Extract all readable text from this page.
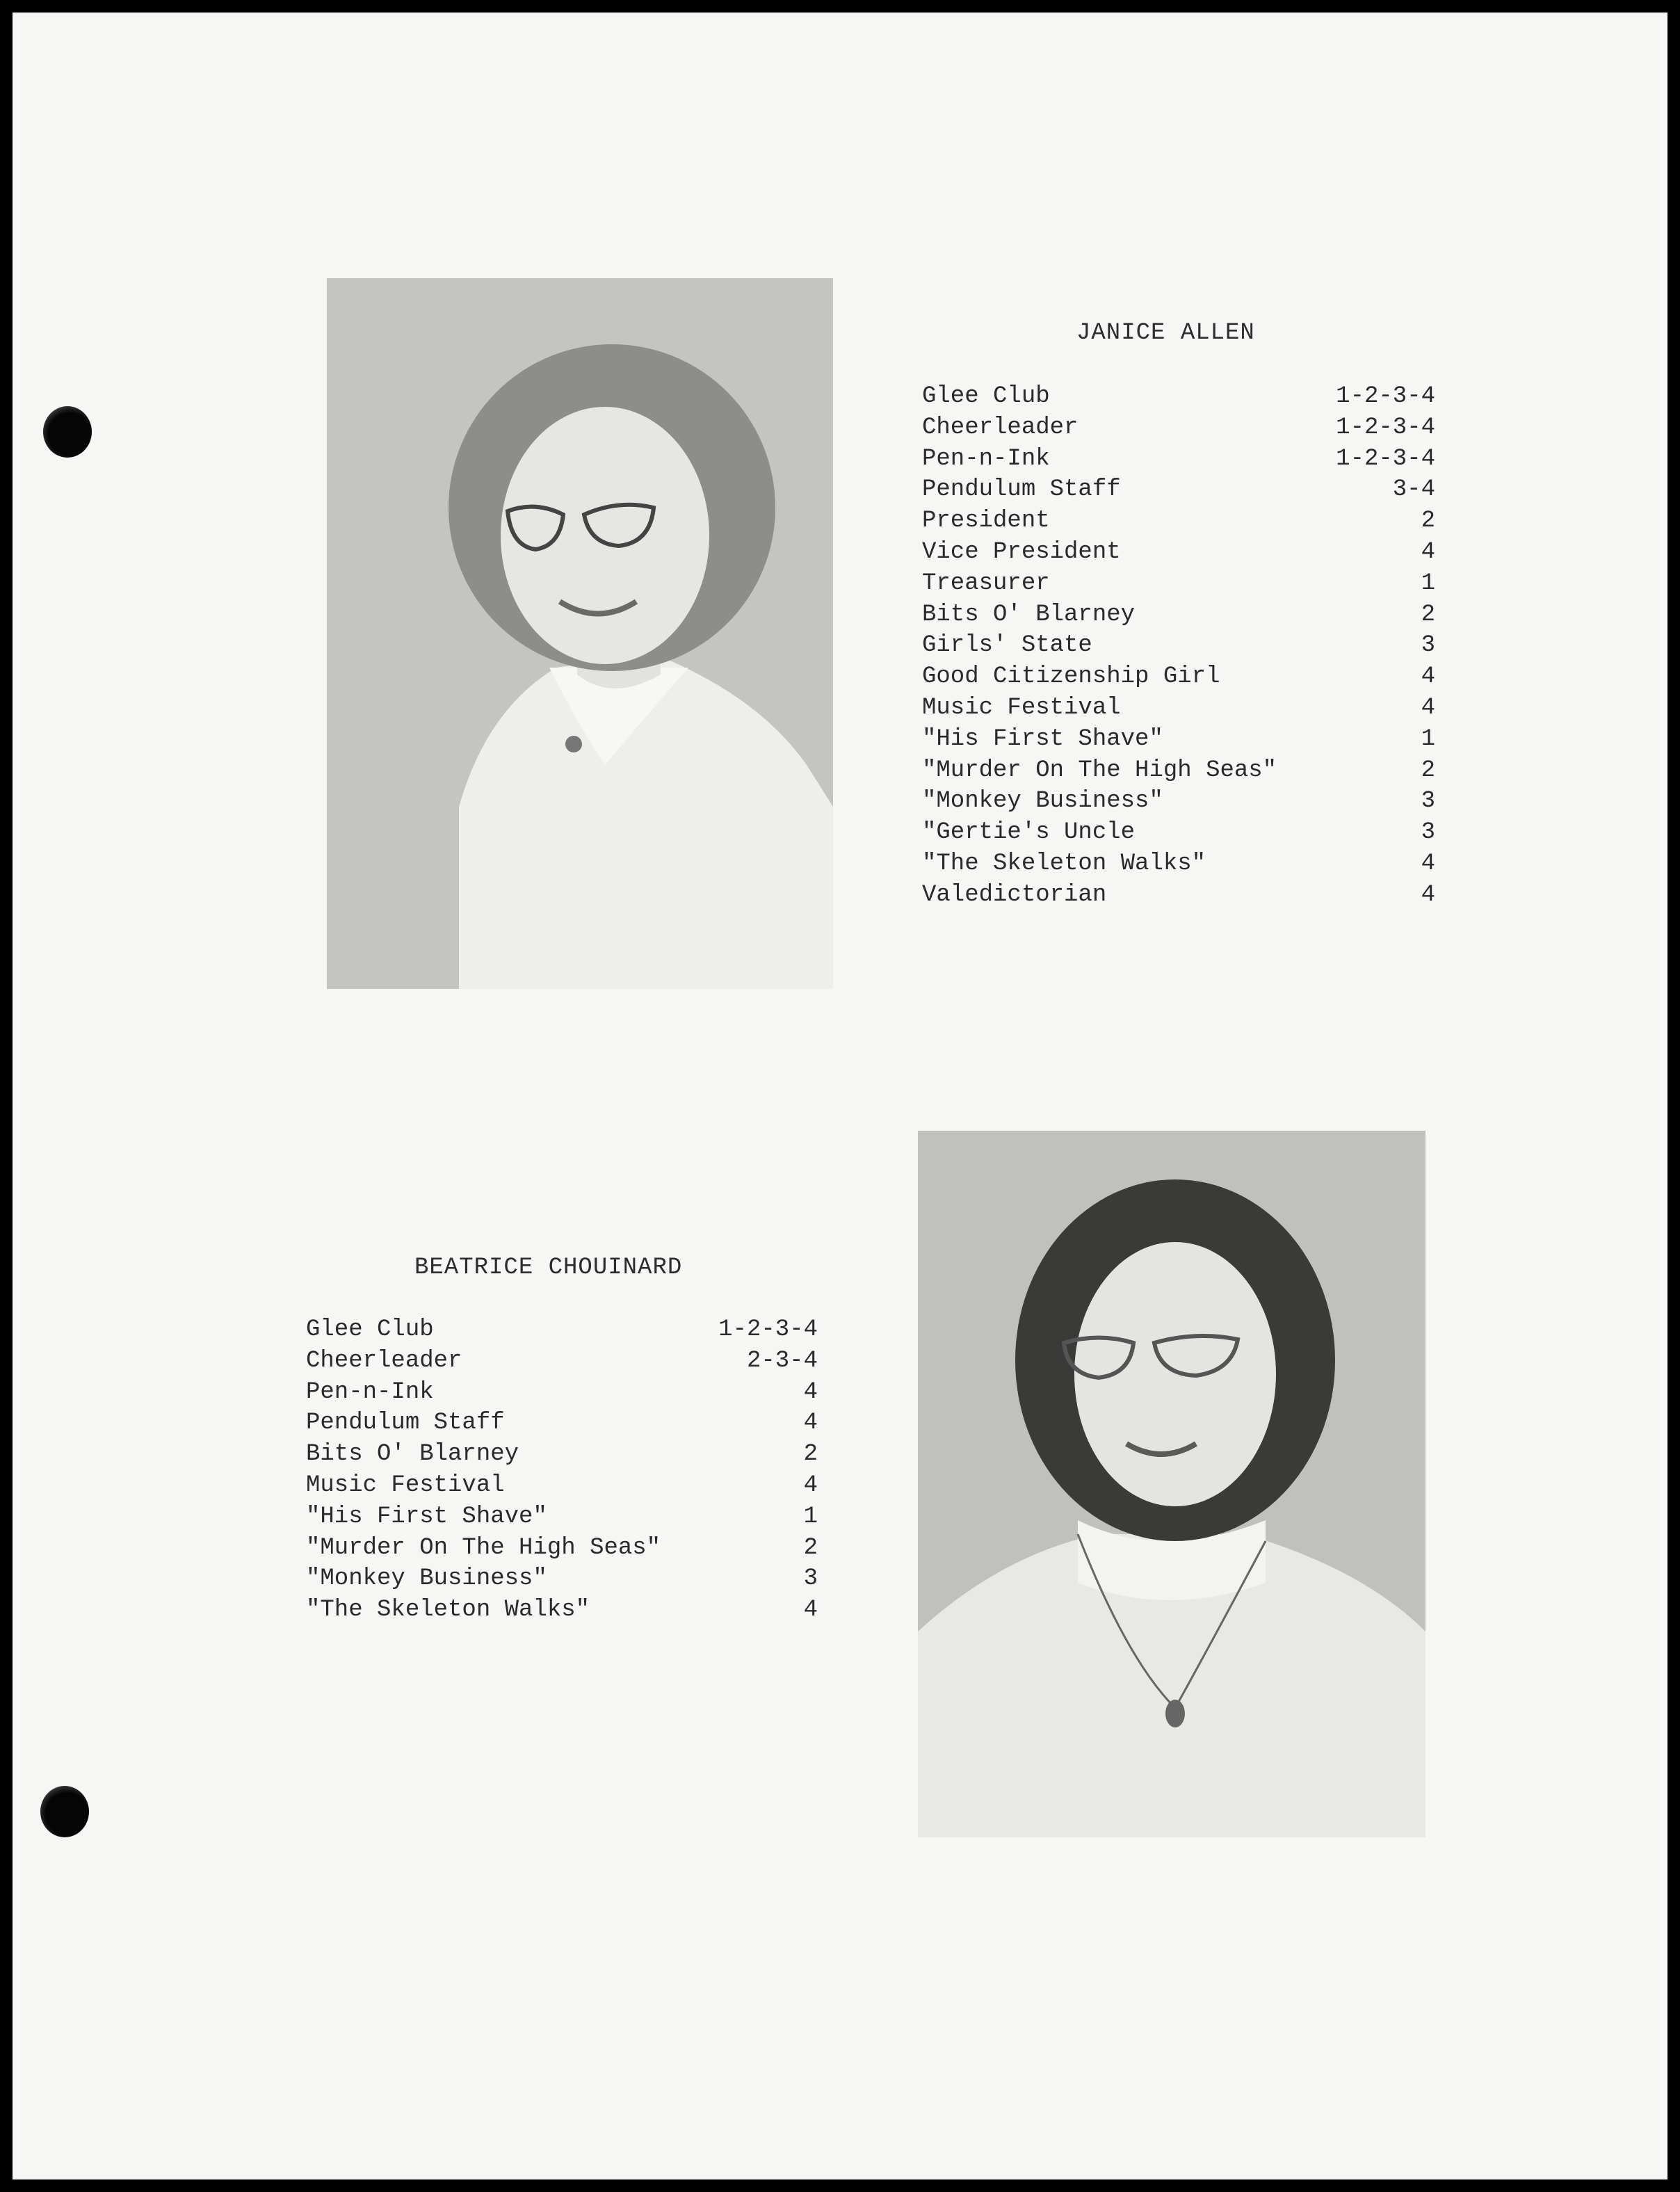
JANICE ALLEN
Glee Club	1-2-3-4
Cheerleader	1-2-3-4
Pen-n-Ink	1-2-3-4
Pendulum Staff	3-4
President	2
Vice President	4
Treasurer	1
Bits O' Blarney	2
Girls' State	3
Good Citizenship Girl	4
Music Festival	4
"His First Shave"	1
"Murder On The High Seas"	2
"Monkey Business"	3
"Gertie's Uncle	3
"The Skeleton Walks"	4
Valedictorian	4
BEATRICE CHOUINARD
Glee Club	1-2-3-4
Cheerleader	2-3-4
Pen-n-Ink	4
Pendulum Staff	4
Bits O' Blarney	2
Music Festival	4
"His First Shave"	1
"Murder On The High Seas"	2
"Monkey Business"	3
"The Skeleton Walks"	4
